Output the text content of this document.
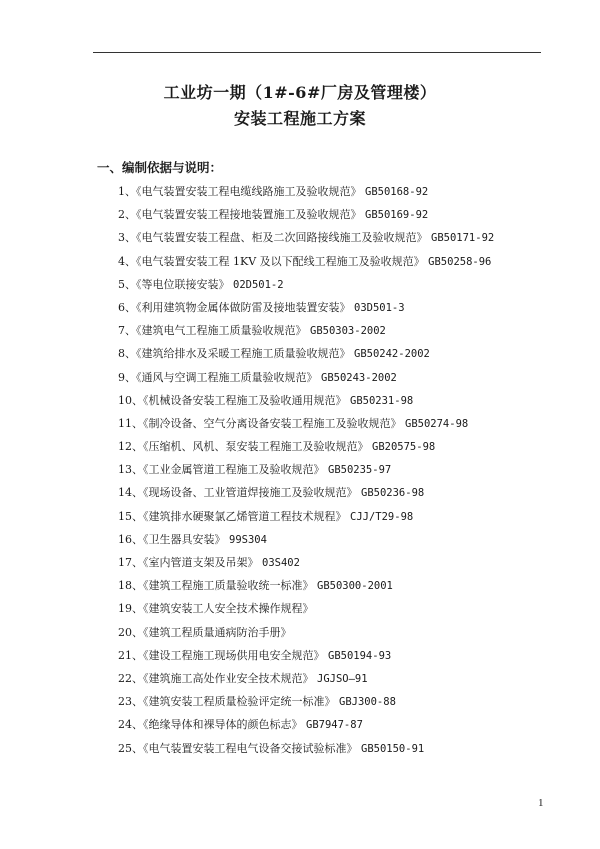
工业坊一期（1#-6#厂房及管理楼）
安装工程施工方案
一、编制依据与说明：
1、《电气装置安装工程电缆线路施工及验收规范》 GB50168-92
2、《电气装置安装工程接地装置施工及验收规范》 GB50169-92
3、《电气装置安装工程盘、柜及二次回路接线施工及验收规范》 GB50171-92
4、《电气装置安装工程 1KV 及以下配线工程施工及验收规范》 GB50258-96
5、《等电位联接安装》 02D501-2
6、《利用建筑物金属体做防雷及接地装置安装》 03D501-3
7、《建筑电气工程施工质量验收规范》 GB50303-2002
8、《建筑给排水及采暖工程施工质量验收规范》 GB50242-2002
9、《通风与空调工程施工质量验收规范》 GB50243-2002
10、《机械设备安装工程施工及验收通用规范》 GB50231-98
11、《制冷设备、空气分离设备安装工程施工及验收规范》 GB50274-98
12、《压缩机、风机、泵安装工程施工及验收规范》 GB20575-98
13、《工业金属管道工程施工及验收规范》 GB50235-97
14、《现场设备、工业管道焊接施工及验收规范》 GB50236-98
15、《建筑排水硬聚氯乙烯管道工程技术规程》 CJJ/T29-98
16、《卫生器具安装》 99S304
17、《室内管道支架及吊架》 03S402
18、《建筑工程施工质量验收统一标准》 GB50300-2001
19、《建筑安装工人安全技术操作规程》
20、《建筑工程质量通病防治手册》
21、《建设工程施工现场供用电安全规范》 GB50194-93
22、《建筑施工高处作业安全技术规范》 JGJSO—91
23、《建筑安装工程质量检验评定统一标准》 GBJ300-88
24、《绝缘导体和裸导体的颜色标志》 GB7947-87
25、《电气装置安装工程电气设备交接试验标准》 GB50150-91
1
